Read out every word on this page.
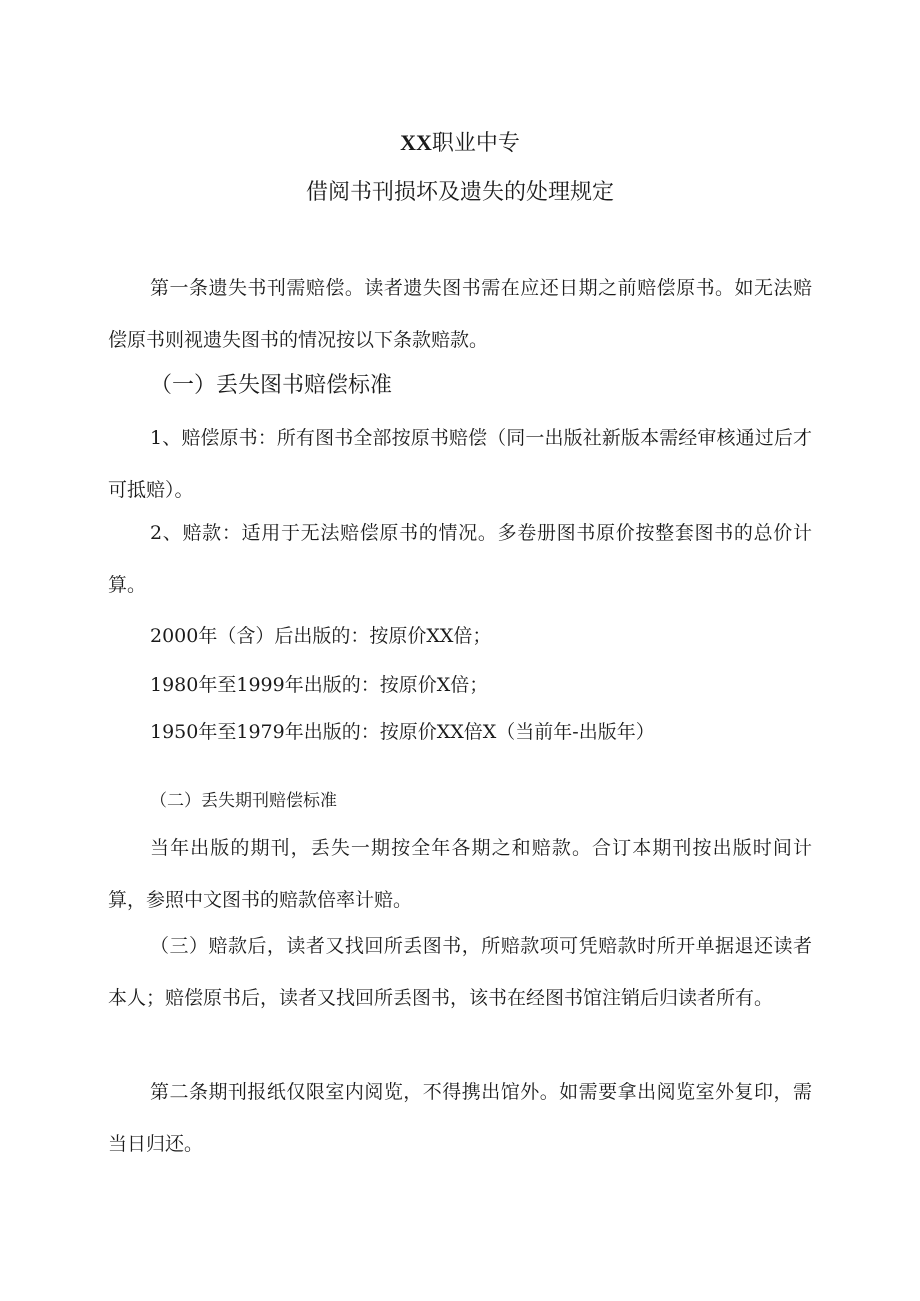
XX职业中专
借阅书刊损坏及遗失的处理规定
第一条遗失书刊需赔偿。读者遗失图书需在应还日期之前赔偿原书。如无法赔偿原书则视遗失图书的情况按以下条款赔款。
（一）丢失图书赔偿标准
1、赔偿原书：所有图书全部按原书赔偿（同一出版社新版本需经审核通过后才可抵赔）。
2、赔款：适用于无法赔偿原书的情况。多卷册图书原价按整套图书的总价计算。
2000年（含）后出版的：按原价XX倍；
1980年至1999年出版的：按原价X倍；
1950年至1979年出版的：按原价XX倍X（当前年-出版年）
（二）丢失期刊赔偿标准
当年出版的期刊，丢失一期按全年各期之和赔款。合订本期刊按出版时间计算，参照中文图书的赔款倍率计赔。
（三）赔款后，读者又找回所丢图书，所赔款项可凭赔款时所开单据退还读者本人；赔偿原书后，读者又找回所丢图书，该书在经图书馆注销后归读者所有。
第二条期刊报纸仅限室内阅览，不得携出馆外。如需要拿出阅览室外复印，需当日归还。
